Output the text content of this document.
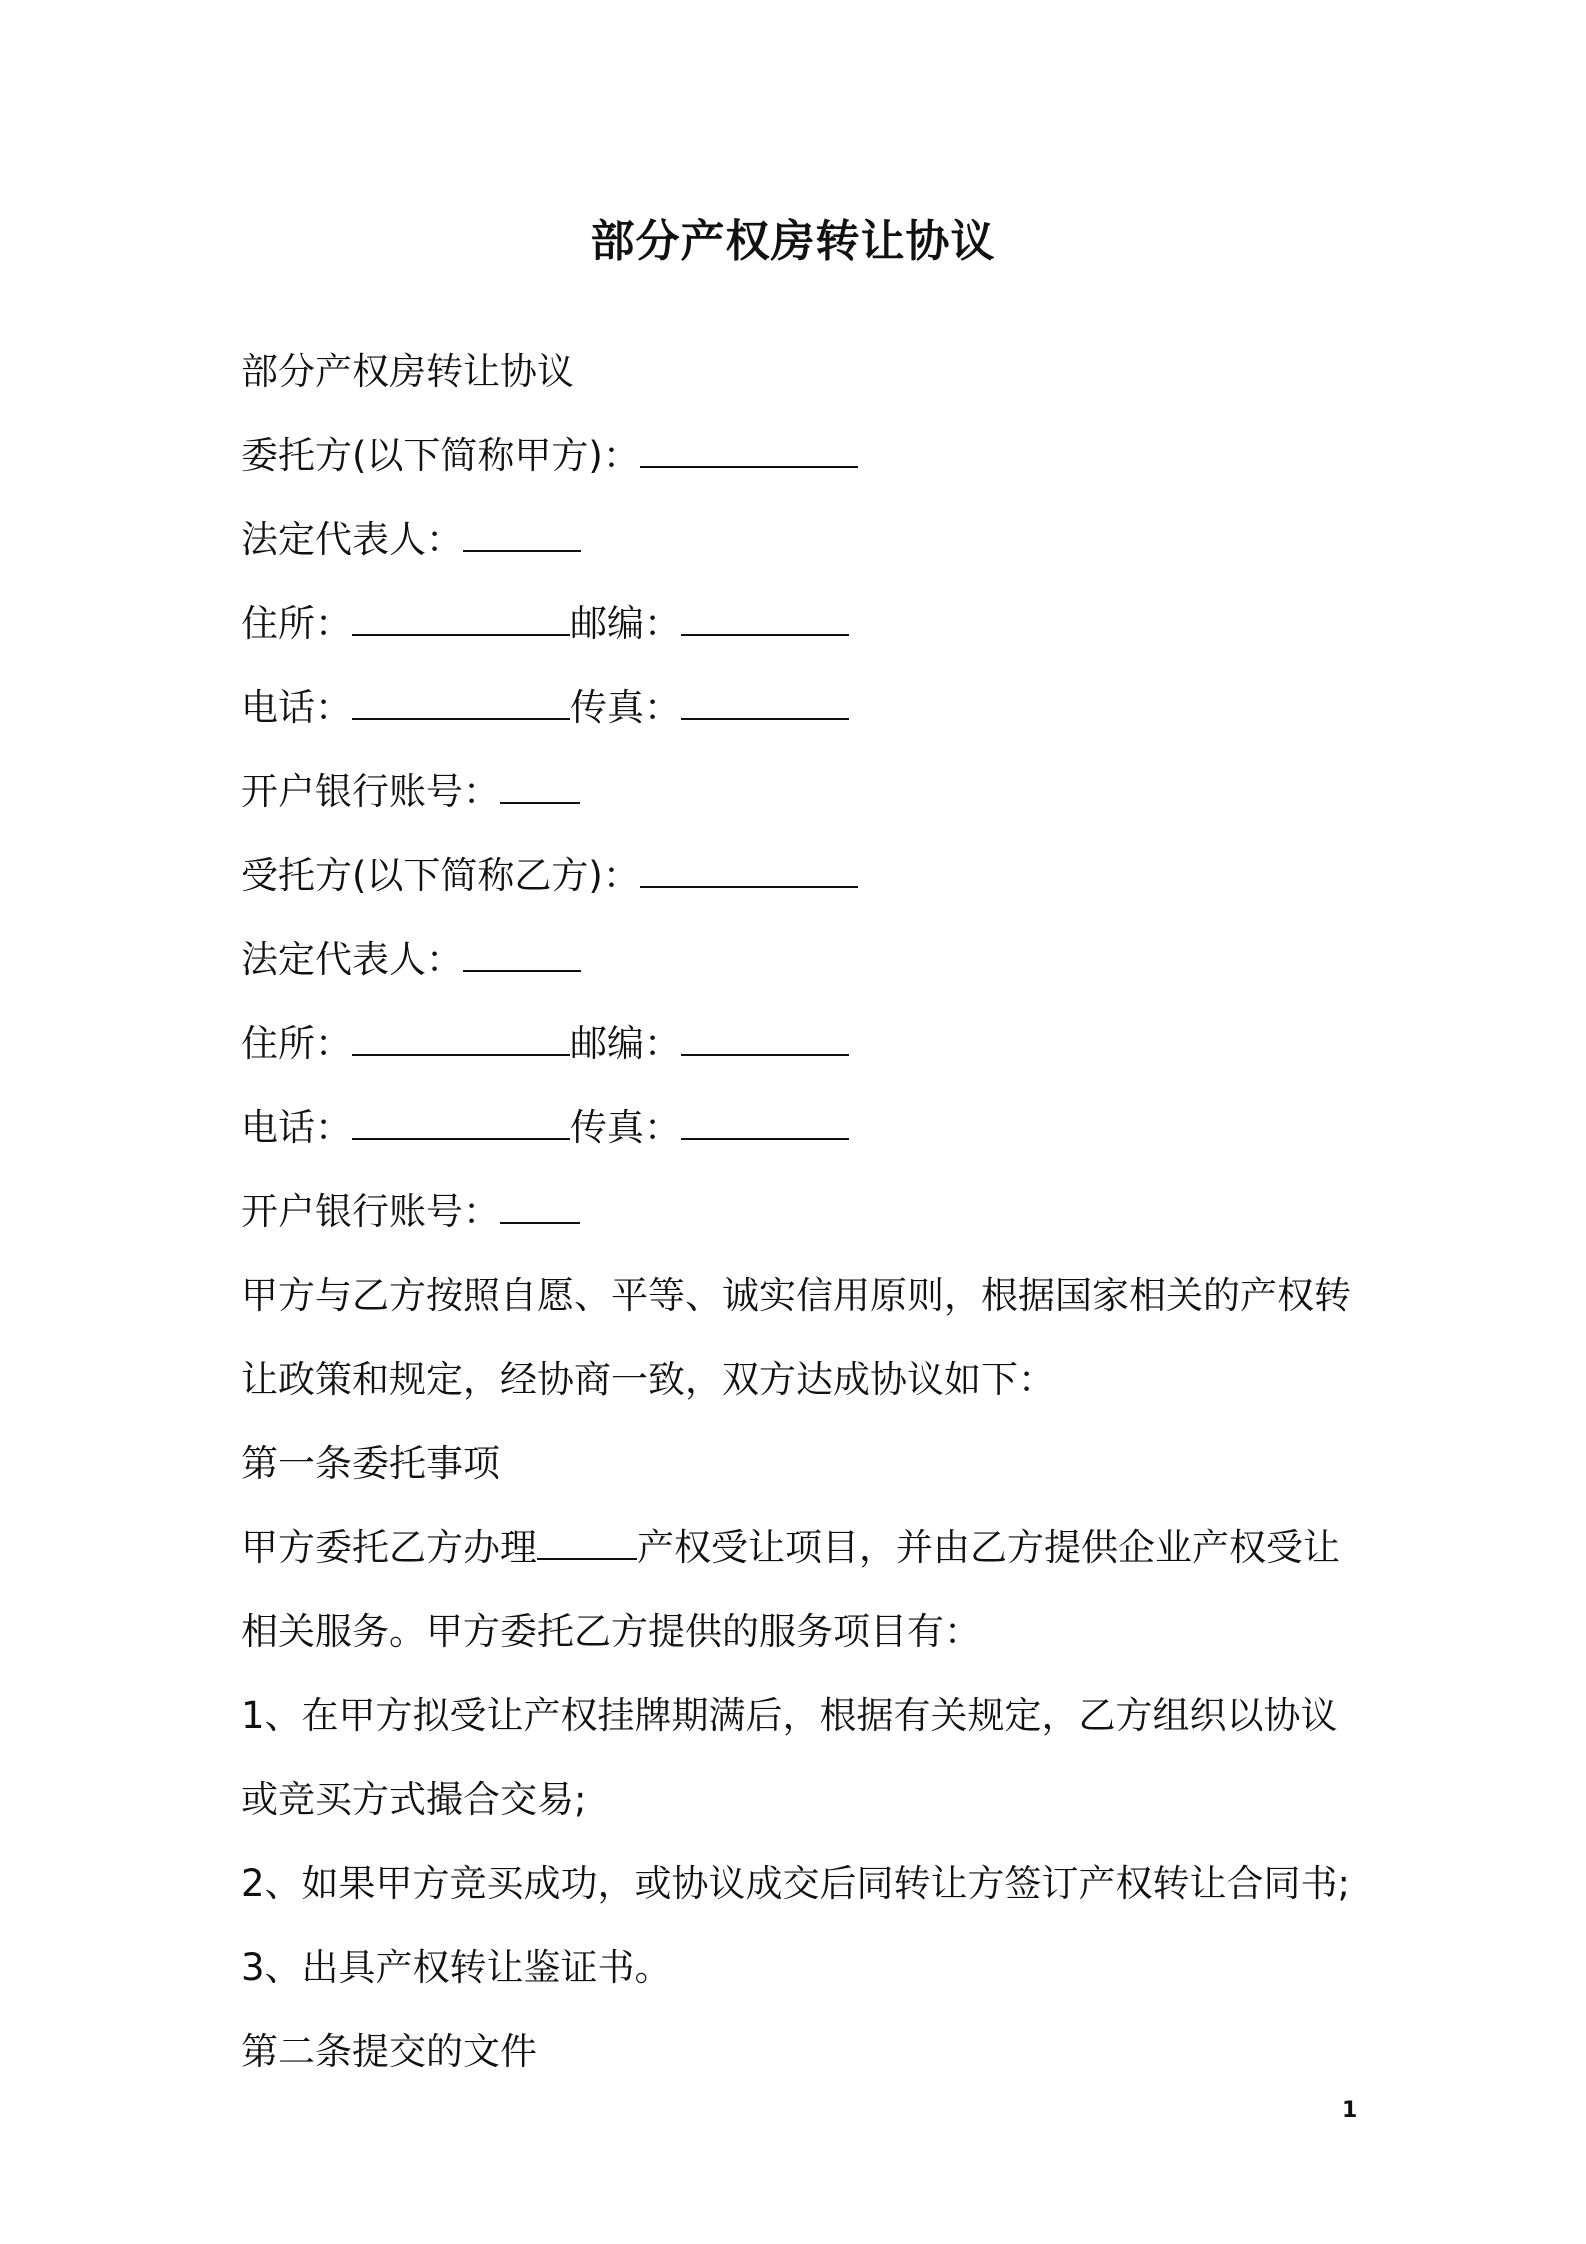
部分产权房转让协议
部分产权房转让协议
委托方(以下简称甲方)：
法定代表人：
住所：	邮编：
电话：	传真：
开户银行账号：
受托方(以下简称乙方)：
法定代表人：
住所：	邮编：
电话：	传真：
开户银行账号：
甲方与乙方按照自愿、平等、诚实信用原则，根据国家相关的产权转
让政策和规定，经协商一致，双方达成协议如下：
第一条委托事项
甲方委托乙方办理	产权受让项目，并由乙方提供企业产权受让
相关服务。甲方委托乙方提供的服务项目有：
1、在甲方拟受让产权挂牌期满后，根据有关规定，乙方组织以协议
或竞买方式撮合交易;
2、如果甲方竞买成功，或协议成交后同转让方签订产权转让合同书;
3、出具产权转让鉴证书。
第二条提交的文件
1
